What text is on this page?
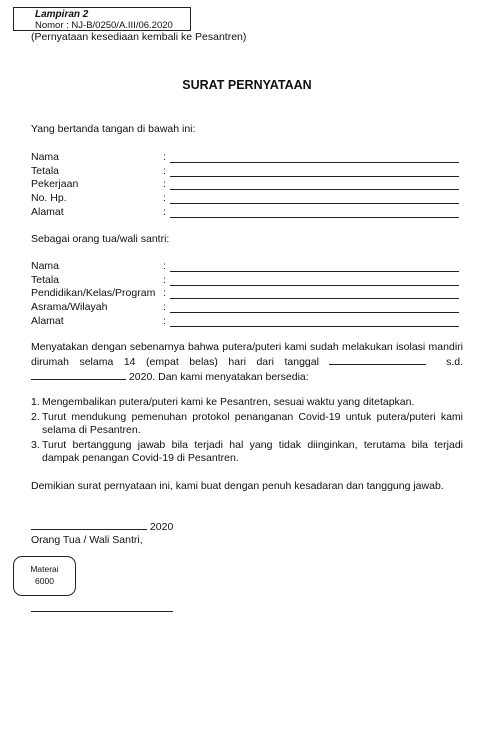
Lampiran 2
Nomor : NJ-B/0250/A.III/06.2020
(Pernyataan kesediaan kembali ke Pesantren)
SURAT PERNYATAAN
Yang bertanda tangan di bawah ini:
Nama	:
Tetala	:
Pekerjaan	:
No. Hp.	:
Alamat	:
Sebagai orang tua/wali santri:
Nama	:
Tetala	:
Pendidikan/Kelas/Program :
Asrama/Wilayah	:
Alamat	:
Menyatakan dengan sebenarnya bahwa putera/puteri kami sudah melakukan isolasi mandiri dirumah selama 14 (empat belas) hari dari tanggal	s.d.  2020. Dan kami menyatakan bersedia:
1. Mengembalikan putera/puteri kami ke Pesantren, sesuai waktu yang ditetapkan.
2. Turut mendukung pemenuhan protokol penanganan Covid-19 untuk putera/puteri kami selama di Pesantren.
3. Turut bertanggung jawab bila terjadi hal yang tidak diinginkan, terutama bila terjadi dampak penangan Covid-19 di Pesantren.
Demikian surat pernyataan ini, kami buat dengan penuh kesadaran dan tanggung jawab.
2020
Orang Tua / Wali Santri,
Materai
6000
